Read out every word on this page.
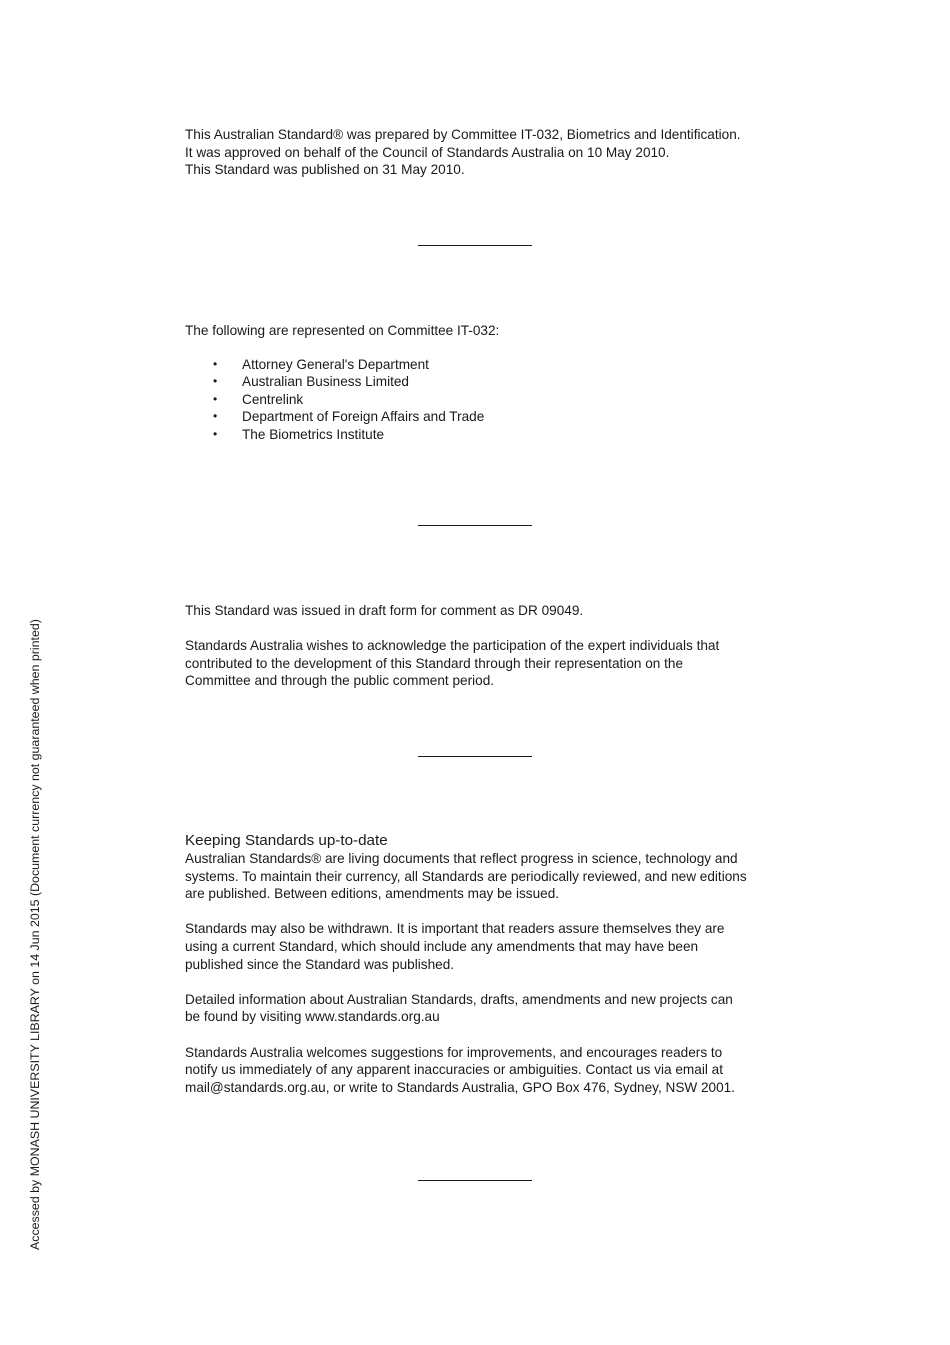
This Australian Standard® was prepared by Committee IT-032, Biometrics and Identification.

It was approved on behalf of the Council of Standards Australia on 10 May 2010.

This Standard was published on 31 May 2010.

The following are represented on Committee IT-032:

• Attorney General's Department
• Australian Business Limited
• Centrelink
• Department of Foreign Affairs and Trade
• The Biometrics Institute

This Standard was issued in draft form for comment as DR 09049.

Standards Australia wishes to acknowledge the participation of the expert individuals that

contributed to the development of this Standard through their representation on the

Committee and through the public comment period.

Keeping Standards up-to-date

Australian Standards® are living documents that reflect progress in science, technology and

systems. To maintain their currency, all Standards are periodically reviewed, and new editions

are published. Between editions, amendments may be issued.

Standards may also be withdrawn. It is important that readers assure themselves they are

using a current Standard, which should include any amendments that may have been

published since the Standard was published.

Detailed information about Australian Standards, drafts, amendments and new projects can

be found by visiting www.standards.org.au

Standards Australia welcomes suggestions for improvements, and encourages readers to

notify us immediately of any apparent inaccuracies or ambiguities. Contact us via email at

mail@standards.org.au, or write to Standards Australia, GPO Box 476, Sydney, NSW 2001.

Accessed by MONASH UNIVERSITY LIBRARY on 14 Jun 2015 (Document currency not guaranteed when printed)
